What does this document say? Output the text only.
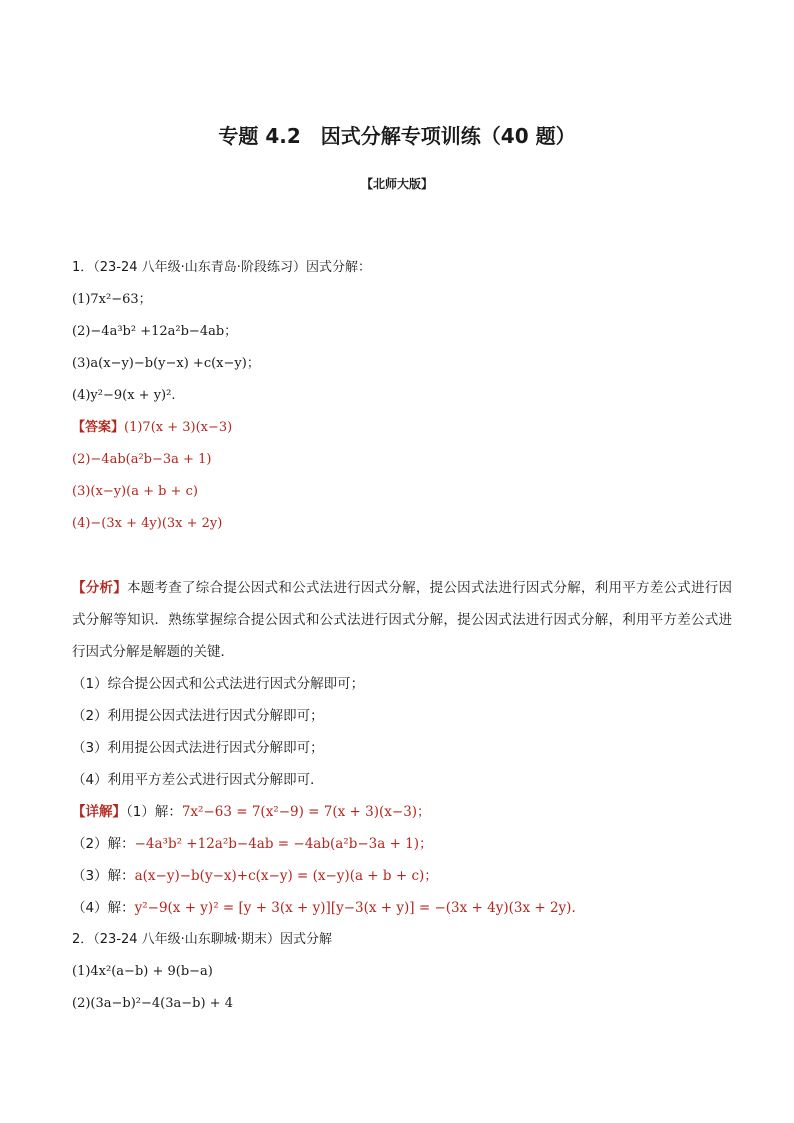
专题 4.2　因式分解专项训练（40 题）
【北师大版】
1．（23-24 八年级·山东青岛·阶段练习）因式分解：
(1)7x²−63；
(2)−4a³b² +12a²b−4ab；
(3)a(x−y)−b(y−x) +c(x−y)；
(4)y²−9(x + y)².
【答案】(1)7(x + 3)(x−3)
(2)−4ab(a²b−3a + 1)
(3)(x−y)(a + b + c)
(4)−(3x + 4y)(3x + 2y)
【分析】本题考查了综合提公因式和公式法进行因式分解，提公因式法进行因式分解，利用平方差公式进行因式分解等知识．熟练掌握综合提公因式和公式法进行因式分解，提公因式法进行因式分解，利用平方差公式进行因式分解是解题的关键．
（1）综合提公因式和公式法进行因式分解即可；
（2）利用提公因式法进行因式分解即可；
（3）利用提公因式法进行因式分解即可；
（4）利用平方差公式进行因式分解即可．
【详解】（1）解：7x²−63 = 7(x²−9) = 7(x + 3)(x−3)；
（2）解：−4a³b² +12a²b−4ab = −4ab(a²b−3a + 1)；
（3）解：a(x−y)−b(y−x)+c(x−y) = (x−y)(a + b + c)；
（4）解：y²−9(x + y)² = [y + 3(x + y)][y−3(x + y)] = −(3x + 4y)(3x + 2y).
2．（23-24 八年级·山东聊城·期末）因式分解
(1)4x²(a−b) + 9(b−a)
(2)(3a−b)²−4(3a−b) + 4
